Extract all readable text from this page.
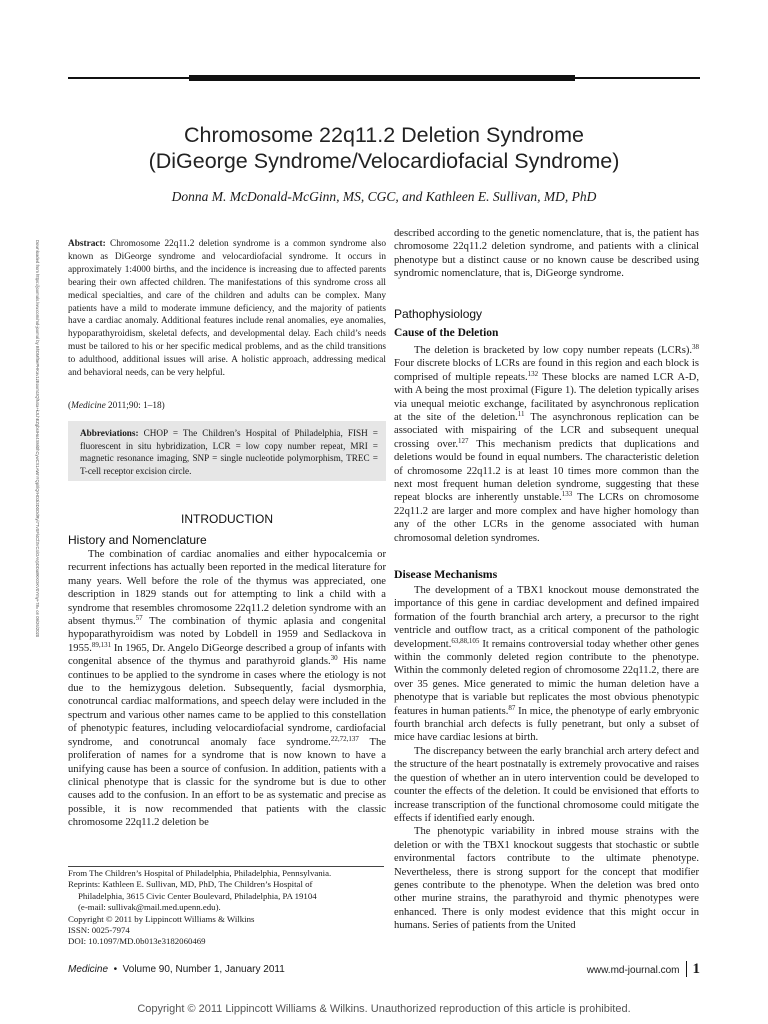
Chromosome 22q11.2 Deletion Syndrome
(DiGeorge Syndrome/Velocardiofacial Syndrome)
Donna M. McDonald-McGinn, MS, CGC, and Kathleen E. Sullivan, MD, PhD
Downloaded from https://journals.lww.com/md-journal by BhDMf5ePHKav1zEoum1tQfN4a+kJLhEZgbsIHo4XMi0hCywCX1AWnYQp/IlQrHD3i3D0OdRyi7TvSFl4Cf3VC4/OAVpDDa8KKGKV0Ymy+78= on 09/26/2020	Abstract: Chromosome 22q11.2 deletion syndrome is a common syndrome also known as DiGeorge syndrome and velocardiofacial syndrome. It occurs in approximately 1:4000 births, and the incidence is increasing due to affected parents bearing their own affected children. The manifestations of this syndrome cross all medical specialties, and care of the children and adults can be complex. Many patients have a mild to moderate immune deficiency, and the majority of patients have a cardiac anomaly. Additional features include renal anomalies, eye anomalies, hypoparathyroidism, skeletal defects, and developmental delay. Each child’s needs must be tailored to his or her specific medical problems, and as the child transitions to adulthood, additional issues will arise. A holistic approach, addressing medical and behavioral needs, can be very helpful.
(Medicine 2011;90: 1–18)
Abbreviations: CHOP = The Children’s Hospital of Philadelphia, FISH = fluorescent in situ hybridization, LCR = low copy number repeat, MRI = magnetic resonance imaging, SNP = single nucleotide polymorphism, TREC = T-cell receptor excision circle.
INTRODUCTION
History and Nomenclature

The combination of cardiac anomalies and either hypocalcemia or recurrent infections has actually been reported in the medical literature for many years. Well before the role of the thymus was appreciated, one description in 1829 stands out for attempting to link a child with a syndrome that resembles chromosome 22q11.2 deletion syndrome with an absent thymus.$^{57}$ The combination of thymic aplasia and congenital hypoparathyroidism was noted by Lobdell in 1959 and Sedlackova in 1955.$^{89,131}$ In 1965, Dr. Angelo DiGeorge described a group of infants with congenital absence of the thymus and parathyroid glands.$^{30}$ His name continues to be applied to the syndrome in cases where the etiology is not due to the hemizygous deletion. Subsequently, facial dysmorphia, conotruncal cardiac malformations, and speech delay were included in the spectrum and various other names came to be applied to this constellation of phenotypic features, including velocardiofacial syndrome, cardiofacial syndrome, and conotruncal anomaly face syndrome.$^{22,72,137}$ The proliferation of names for a syndrome that is now known to have a unifying cause has been a source of confusion. In addition, patients with a clinical phenotype that is classic for the syndrome but is due to other causes add to the confusion. In an effort to be as systematic and precise as possible, it is now recommended that patients with the classic chromosome 22q11.2 deletion be

From The Children’s Hospital of Philadelphia, Philadelphia, Pennsylvania.
Reprints: Kathleen E. Sullivan, MD, PhD, The Children’s Hospital of
Philadelphia, 3615 Civic Center Boulevard, Philadelphia, PA 19104
(e-mail: sullivak@mail.med.upenn.edu).
Copyright © 2011 by Lippincott Williams & Wilkins
ISSN: 0025-7974
DOI: 10.1097/MD.0b013e3182060469

described according to the genetic nomenclature, that is, the patient has chromosome 22q11.2 deletion syndrome, and patients with a clinical phenotype but a distinct cause or no known cause be described using syndromic nomenclature, that is, DiGeorge syndrome.

Pathophysiology
Cause of the Deletion

The deletion is bracketed by low copy number repeats (LCRs).$^{38}$ Four discrete blocks of LCRs are found in this region and each block is comprised of multiple repeats.$^{132}$ These blocks are named LCR A-D, with A being the most proximal (Figure 1). The deletion typically arises via unequal meiotic exchange, facilitated by asynchronous replication at the site of the deletion.$^{11}$ The asynchronous replication can be associated with mispairing of the LCR and subsequent unequal crossing over.$^{127}$ This mechanism predicts that duplications and deletions would be found in equal numbers. The characteristic deletion of chromosome 22q11.2 is at least 10 times more common than the next most frequent human deletion syndrome, suggesting that these repeat blocks are inherently unstable.$^{133}$ The LCRs on chromosome 22q11.2 are larger and more complex and have higher homology than any of the other LCRs in the genome associated with human chromosomal deletion syndromes.

Disease Mechanisms

The development of a TBX1 knockout mouse demonstrated the importance of this gene in cardiac development and defined impaired formation of the fourth branchial arch artery, a precursor to the right ventricle and outflow tract, as a critical component of the pathologic development.$^{63,88,105}$ It remains controversial today whether other genes within the commonly deleted region contribute to the phenotype. Within the commonly deleted region of chromosome 22q11.2, there are over 35 genes. Mice generated to mimic the human deletion have a phenotype that is variable but replicates the most obvious phenotypic features in human patients.$^{87}$ In mice, the phenotype of early embryonic fourth branchial arch defects is fully penetrant, but only a subset of mice have cardiac lesions at birth.

The discrepancy between the early branchial arch artery defect and the structure of the heart postnatally is extremely provocative and raises the question of whether an in utero intervention could be developed to counter the effects of the deletion. It could be envisioned that efforts to increase transcription of the functional chromosome could mitigate the effects if identified early enough.

The phenotypic variability in inbred mouse strains with the deletion or with the TBX1 knockout suggests that stochastic or subtle environmental factors contribute to the ultimate phenotype. Nevertheless, there is strong support for the concept that modifier genes contribute to the phenotype. When the deletion was bred onto other murine strains, the parathyroid and thymic phenotypes were enhanced. There is only modest evidence that this might occur in humans. Series of patients from the United

Medicine  •  Volume 90, Number 1, January 2011	www.md-journal.com 1
Copyright © 2011 Lippincott Williams & Wilkins. Unauthorized reproduction of this article is prohibited.
